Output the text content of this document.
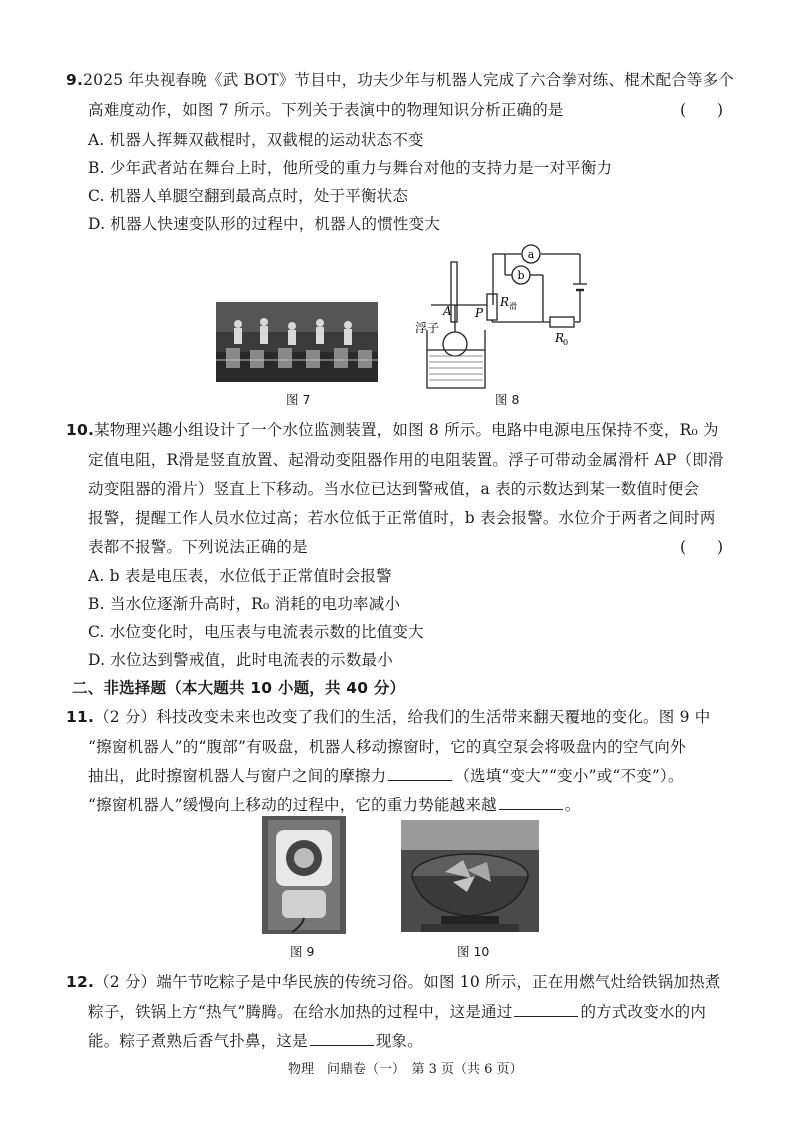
9.2025 年央视春晚《武 BOT》节目中，功夫少年与机器人完成了六合拳对练、棍术配合等多个
高难度动作，如图 7 所示。下列关于表演中的物理知识分析正确的是	(　　)
A. 机器人挥舞双截棍时，双截棍的运动状态不变
B. 少年武者站在舞台上时，他所受的重力与舞台对他的支持力是一对平衡力
C. 机器人单腿空翻到最高点时，处于平衡状态
D. 机器人快速变队形的过程中，机器人的惯性变大
图 7
a
b
A P
R 滑
R
0
浮子
图 8
10.某物理兴趣小组设计了一个水位监测装置，如图 8 所示。电路中电源电压保持不变，R₀ 为
定值电阻，R滑是竖直放置、起滑动变阻器作用的电阻装置。浮子可带动金属滑杆 AP（即滑
动变阻器的滑片）竖直上下移动。当水位已达到警戒值，a 表的示数达到某一数值时便会
报警，提醒工作人员水位过高；若水位低于正常值时，b 表会报警。水位介于两者之间时两
表都不报警。下列说法正确的是	(　　)
A. b 表是电压表，水位低于正常值时会报警
B. 当水位逐渐升高时，R₀ 消耗的电功率减小
C. 水位变化时，电压表与电流表示数的比值变大
D. 水位达到警戒值，此时电流表的示数最小
二、非选择题（本大题共 10 小题，共 40 分）
11.（2 分）科技改变未来也改变了我们的生活，给我们的生活带来翻天覆地的变化。图 9 中
“擦窗机器人”的“腹部”有吸盘，机器人移动擦窗时，它的真空泵会将吸盘内的空气向外
抽出，此时擦窗机器人与窗户之间的摩擦力	（选填“变大”“变小”或“不变”）。
“擦窗机器人”缓慢向上移动的过程中，它的重力势能越来越	。
图 9	图 10
12.（2 分）端午节吃粽子是中华民族的传统习俗。如图 10 所示，正在用燃气灶给铁锅加热煮
粽子，铁锅上方“热气”腾腾。在给水加热的过程中，这是通过	的方式改变水的内
能。粽子煮熟后香气扑鼻，这是	现象。
物理　问鼎卷（一）　第 3 页（共 6 页）
